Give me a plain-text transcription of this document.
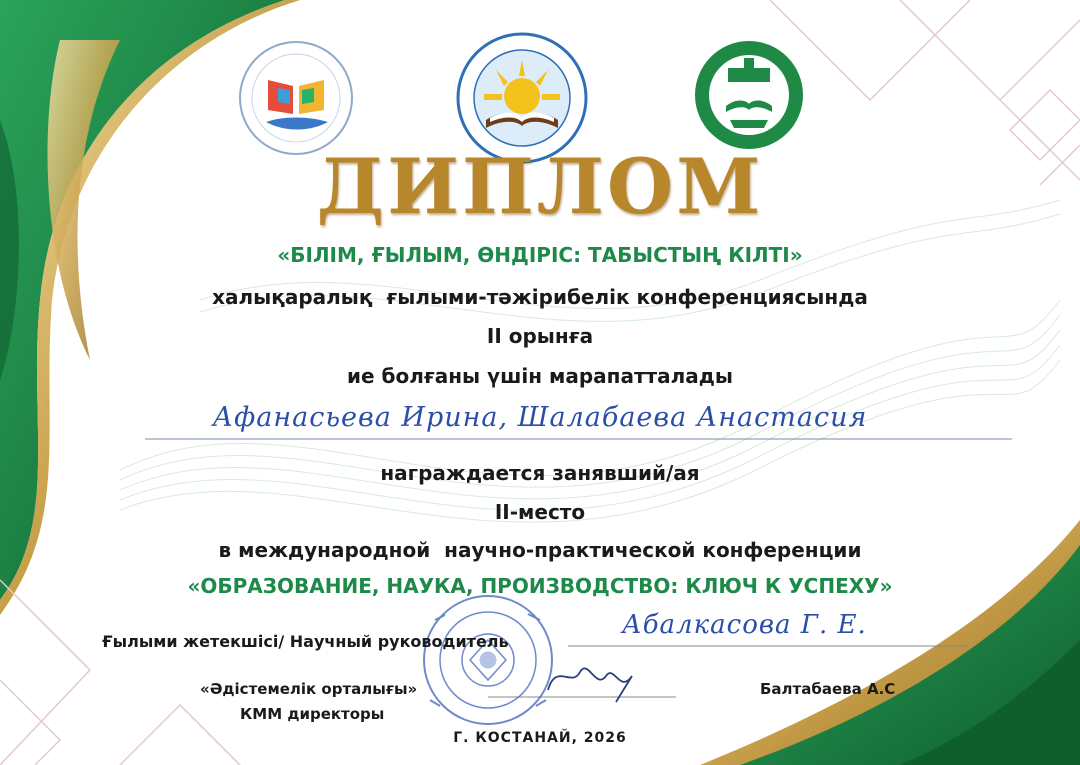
ДИПЛОМ
«БІЛІМ, ҒЫЛЫМ, ӨНДІРІС: ТАБЫСТЫҢ КІЛТІ»
халықаралық  ғылыми-тәжірибелік конференциясында
II орынға
ие болғаны үшін марапатталады
Афанасьева Ирина, Шалабаева Анастасия
награждается занявший/ая
II-место
в международной  научно-практической конференции
«ОБРАЗОВАНИЕ, НАУКА, ПРОИЗВОДСТВО: КЛЮЧ К УСПЕХУ»
Ғылыми жетекшісі/ Научный руководитель
Абалкасова Г. Е.
«Әдістемелік орталығы»
КММ директоры
Балтабаева А.С
Г. КОСТАНАЙ, 2026
